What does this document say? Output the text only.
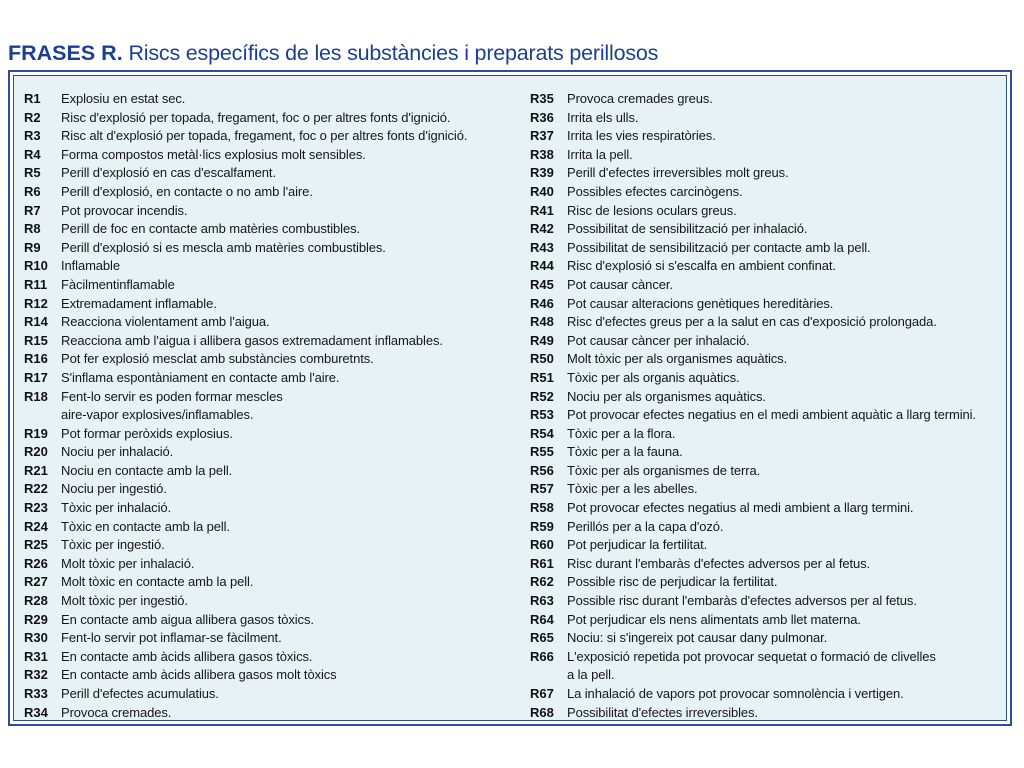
FRASES R. Riscs específics de les substàncies i preparats perillosos
R1	Explosiu en estat sec.
R2	Risc d'explosió per topada, fregament, foc o per altres fonts d'ignició.
R3	Risc alt d'explosió per topada, fregament, foc o per altres fonts d'ignició.
R4	Forma compostos metàl·lics explosius molt sensibles.
R5	Perill d'explosió en cas d'escalfament.
R6	Perill d'explosió, en contacte o no amb l'aire.
R7	Pot provocar incendis.
R8	Perill de foc en contacte amb matèries combustibles.
R9	Perill d'explosió si es mescla amb matèries combustibles.
R10	Inflamable
R11	Fàcilmentinflamable
R12	Extremadament inflamable.
R14	Reacciona violentament amb l'aigua.
R15	Reacciona amb l'aigua i allibera gasos extremadament inflamables.
R16	Pot fer explosió mesclat amb substàncies comburetnts.
R17	S'inflama espontàniament en contacte amb l'aire.
R18	Fent-lo servir es poden formar mescles
aire-vapor explosives/inflamables.
R19	Pot formar peròxids explosius.
R20	Nociu per inhalació.
R21	Nociu en contacte amb la pell.
R22	Nociu per ingestió.
R23	Tòxic per inhalació.
R24	Tòxic en contacte amb la pell.
R25	Tòxic per ingestió.
R26	Molt tòxic per inhalació.
R27	Molt tòxic en contacte amb la pell.
R28	Molt tòxic per ingestió.
R29	En contacte amb aigua allibera gasos tòxics.
R30	Fent-lo servir pot inflamar-se fàcilment.
R31	En contacte amb àcids allibera gasos tòxics.
R32	En contacte amb àcids allibera gasos molt tòxics
R33	Perill d'efectes acumulatius.
R34	Provoca cremades.
R35	Provoca cremades greus.
R36	Irrita els ulls.
R37	Irrita les vies respiratòries.
R38	Irrita la pell.
R39	Perill d'efectes irreversibles molt greus.
R40	Possibles efectes carcinògens.
R41	Risc de lesions oculars greus.
R42	Possibilitat de sensibilització per inhalació.
R43	Possibilitat de sensibilització per contacte amb la pell.
R44	Risc d'explosió si s'escalfa en ambient confinat.
R45	Pot causar càncer.
R46	Pot causar alteracions genètiques hereditàries.
R48	Risc d'efectes greus per a la salut en cas d'exposició prolongada.
R49	Pot causar càncer per inhalació.
R50	Molt tòxic per als organismes aquàtics.
R51	Tòxic per als organis aquàtics.
R52	Nociu per als organismes aquàtics.
R53	Pot provocar efectes negatius en el medi ambient aquàtic a llarg termini.
R54	Tòxic per a la flora.
R55	Tòxic per a la fauna.
R56	Tòxic per als organismes de terra.
R57	Tòxic per a les abelles.
R58	Pot provocar efectes negatius al medi ambient a llarg termini.
R59	Perillós per a la capa d'ozó.
R60	Pot perjudicar la fertilitat.
R61	Risc durant l'embaràs d'efectes adversos per al fetus.
R62	Possible risc de perjudicar la fertilitat.
R63	Possible risc durant l'embaràs d'efectes adversos per al fetus.
R64	Pot perjudicar els nens alimentats amb llet materna.
R65	Nociu: si s'ingereix pot causar dany pulmonar.
R66	L'exposició repetida pot provocar sequetat o formació de clivelles
a la pell.
R67	La inhalació de vapors pot provocar somnolència i vertigen.
R68	Possibilitat d'efectes irreversibles.
